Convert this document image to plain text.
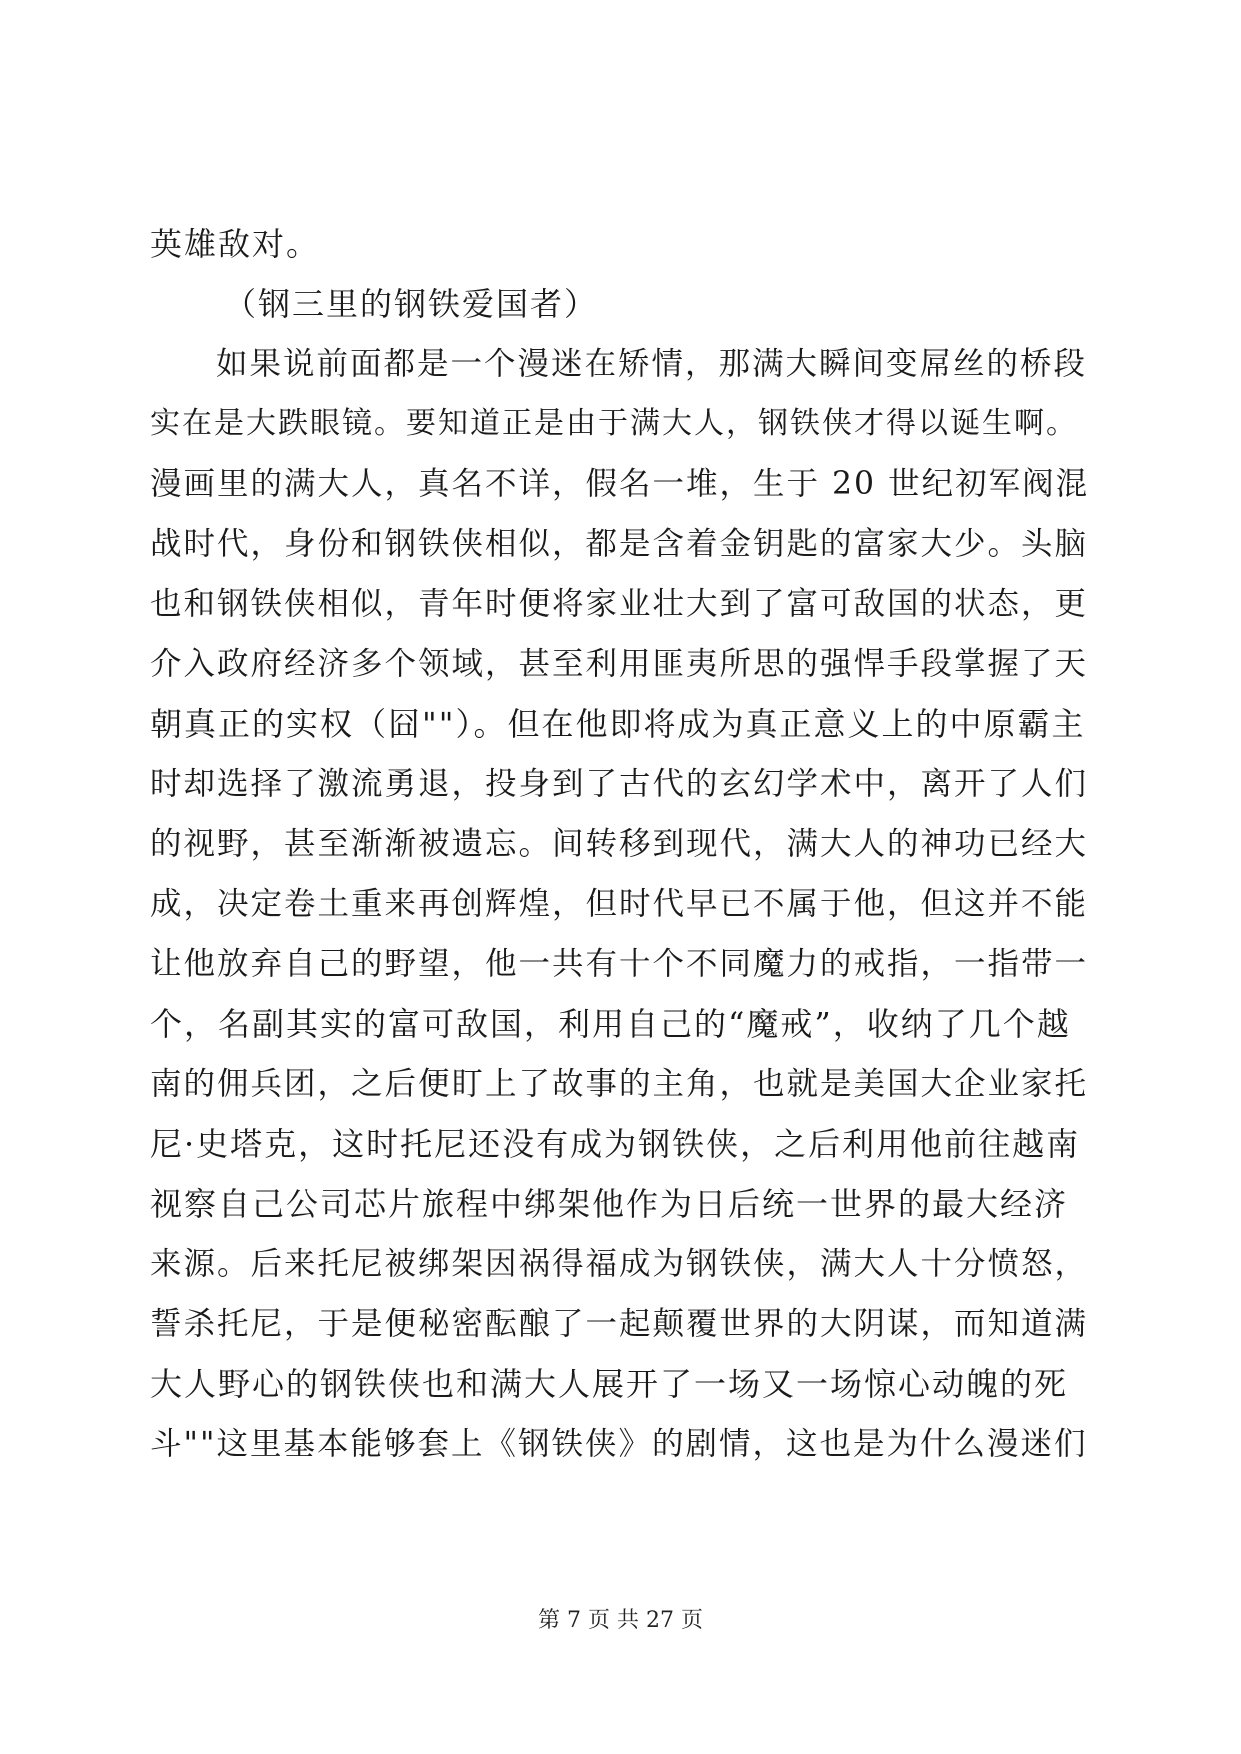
英雄敌对。
（钢三里的钢铁爱国者）
如果说前面都是一个漫迷在矫情，那满大瞬间变屌丝的桥段
实在是大跌眼镜。要知道正是由于满大人，钢铁侠才得以诞生啊。
漫画里的满大人，真名不详，假名一堆，生于 20 世纪初军阀混
战时代，身份和钢铁侠相似，都是含着金钥匙的富家大少。头脑
也和钢铁侠相似，青年时便将家业壮大到了富可敌国的状态，更
介入政府经济多个领域，甚至利用匪夷所思的强悍手段掌握了天
朝真正的实权（囧""）。但在他即将成为真正意义上的中原霸主
时却选择了激流勇退，投身到了古代的玄幻学术中，离开了人们
的视野，甚至渐渐被遗忘。间转移到现代，满大人的神功已经大
成，决定卷土重来再创辉煌，但时代早已不属于他，但这并不能
让他放弃自己的野望，他一共有十个不同魔力的戒指，一指带一
个，名副其实的富可敌国，利用自己的“魔戒”，收纳了几个越
南的佣兵团，之后便盯上了故事的主角，也就是美国大企业家托
尼·史塔克，这时托尼还没有成为钢铁侠，之后利用他前往越南
视察自己公司芯片旅程中绑架他作为日后统一世界的最大经济
来源。后来托尼被绑架因祸得福成为钢铁侠，满大人十分愤怒，
誓杀托尼，于是便秘密酝酿了一起颠覆世界的大阴谋，而知道满
大人野心的钢铁侠也和满大人展开了一场又一场惊心动魄的死
斗""这里基本能够套上《钢铁侠》的剧情，这也是为什么漫迷们
第 7 页 共 27 页
